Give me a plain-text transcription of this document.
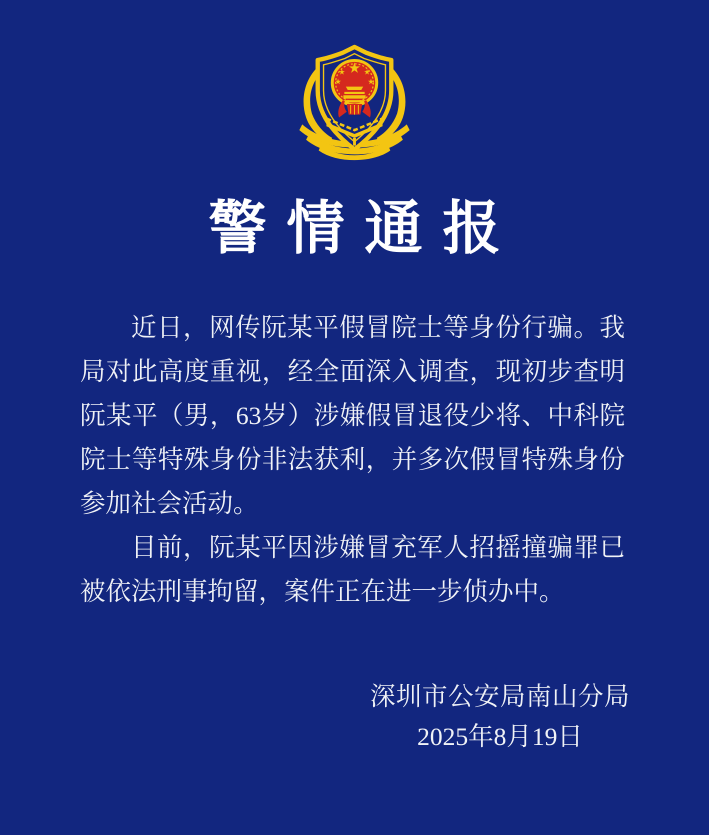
警情通报
近日，网传阮某平假冒院士等身份行骗。我
局对此高度重视，经全面深入调查，现初步查明
阮某平（男，63岁）涉嫌假冒退役少将、中科院
院士等特殊身份非法获利，并多次假冒特殊身份
参加社会活动。
目前，阮某平因涉嫌冒充军人招摇撞骗罪已
被依法刑事拘留，案件正在进一步侦办中。
深圳市公安局南山分局
2025年8月19日
